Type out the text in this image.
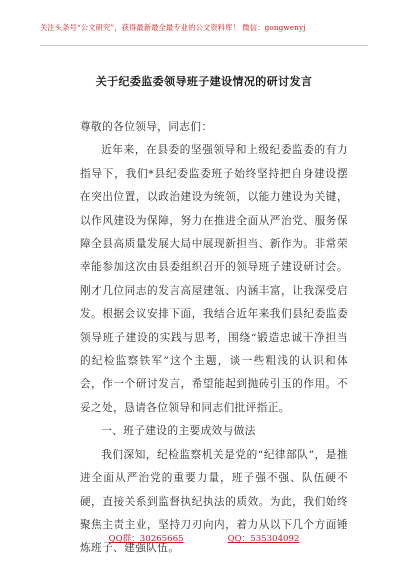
关注头条号“公文研究”，获得最新最全最专业的公文资料库！ 微信：gongwenyj
关于纪委监委领导班子建设情况的研讨发言

尊敬的各位领导，同志们：

近年来，在县委的坚强领导和上级纪委监委的有力指导下，我们*县纪委监委班子始终坚持把自身建设摆在突出位置，以政治建设为统领，以能力建设为关键，以作风建设为保障，努力在推进全面从严治党、服务保障全县高质量发展大局中展现新担当、新作为。非常荣幸能参加这次由县委组织召开的领导班子建设研讨会。刚才几位同志的发言高屋建瓴、内涵丰富，让我深受启发。根据会议安排下面，我结合近年来我们县纪委监委领导班子建设的实践与思考，围绕“锻造忠诚干净担当的纪检监察铁军”这个主题，谈一些粗浅的认识和体会，作一个研讨发言，希望能起到抛砖引玉的作用。不妥之处，恳请各位领导和同志们批评指正。

一、班子建设的主要成效与做法

我们深知，纪检监察机关是党的“纪律部队”，是推进全面从严治党的重要力量，班子强不强、队伍硬不硬，直接关系到监督执纪执法的质效。为此，我们始终聚焦主责主业，坚持刀刃向内，着力从以下几个方面锤炼班子、建强队伍。

QQ群：30265665	QQ：535304092
